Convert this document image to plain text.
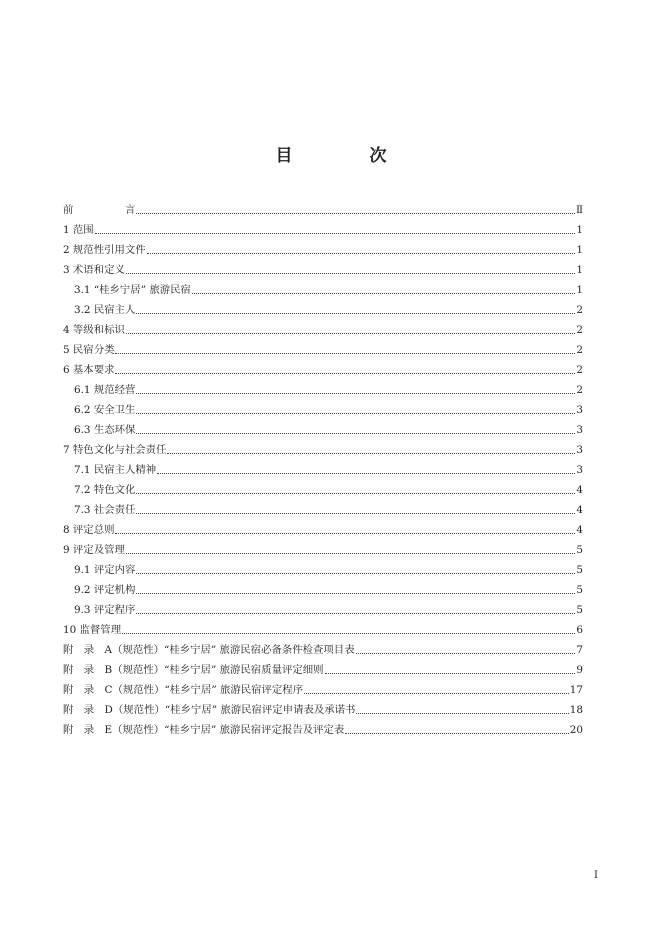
目　次
前	言	Ⅱ
1 范围	1
2 规范性引用文件	1
3 术语和定义	1
3.1 “桂乡宁居” 旅游民宿	1
3.2 民宿主人	2
4 等级和标识	2
5 民宿分类	2
6 基本要求	2
6.1 规范经营	2
6.2 安全卫生	3
6.3 生态环保	3
7 特色文化与社会责任	3
7.1 民宿主人精神	3
7.2 特色文化	4
7.3 社会责任	4
8 评定总则	4
9 评定及管理	5
9.1 评定内容	5
9.2 评定机构	5
9.3 评定程序	5
10 监督管理	6
附　录　A（规范性）“桂乡宁居” 旅游民宿必备条件检查项目表	7
附　录　B（规范性）“桂乡宁居” 旅游民宿质量评定细则	9
附　录　C（规范性）“桂乡宁居” 旅游民宿评定程序	17
附　录　D（规范性）“桂乡宁居” 旅游民宿评定申请表及承诺书	18
附　录　E（规范性）“桂乡宁居” 旅游民宿评定报告及评定表	20
I
